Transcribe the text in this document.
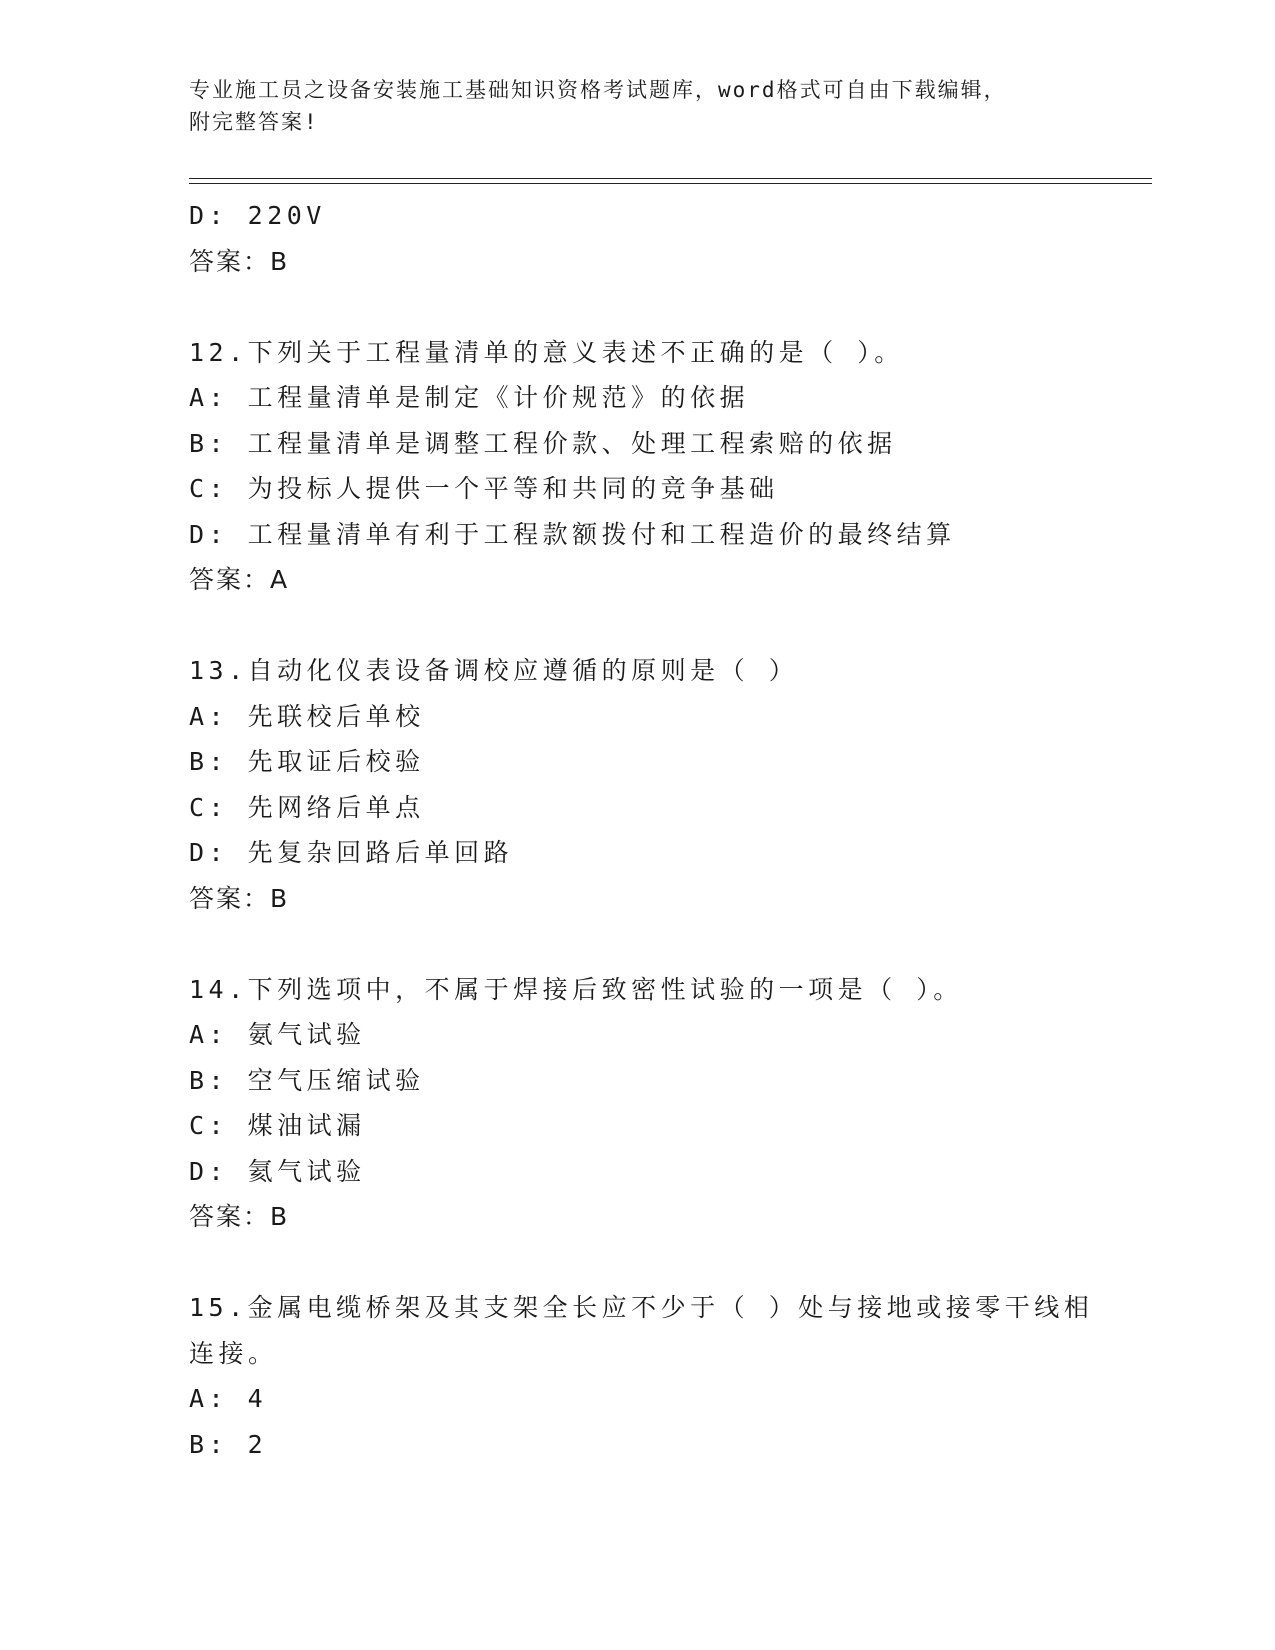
专业施工员之设备安装施工基础知识资格考试题库，word格式可自由下载编辑，
附完整答案!
D: 220V
答案：B
12.下列关于工程量清单的意义表述不正确的是（ ）。
A: 工程量清单是制定《计价规范》的依据
B: 工程量清单是调整工程价款、处理工程索赔的依据
C: 为投标人提供一个平等和共同的竞争基础
D: 工程量清单有利于工程款额拨付和工程造价的最终结算
答案：A
13.自动化仪表设备调校应遵循的原则是（ ）
A: 先联校后单校
B: 先取证后校验
C: 先网络后单点
D: 先复杂回路后单回路
答案：B
14.下列选项中，不属于焊接后致密性试验的一项是（ ）。
A: 氨气试验
B: 空气压缩试验
C: 煤油试漏
D: 氦气试验
答案：B
15.金属电缆桥架及其支架全长应不少于（ ）处与接地或接零干线相
连接。
A: 4
B: 2
